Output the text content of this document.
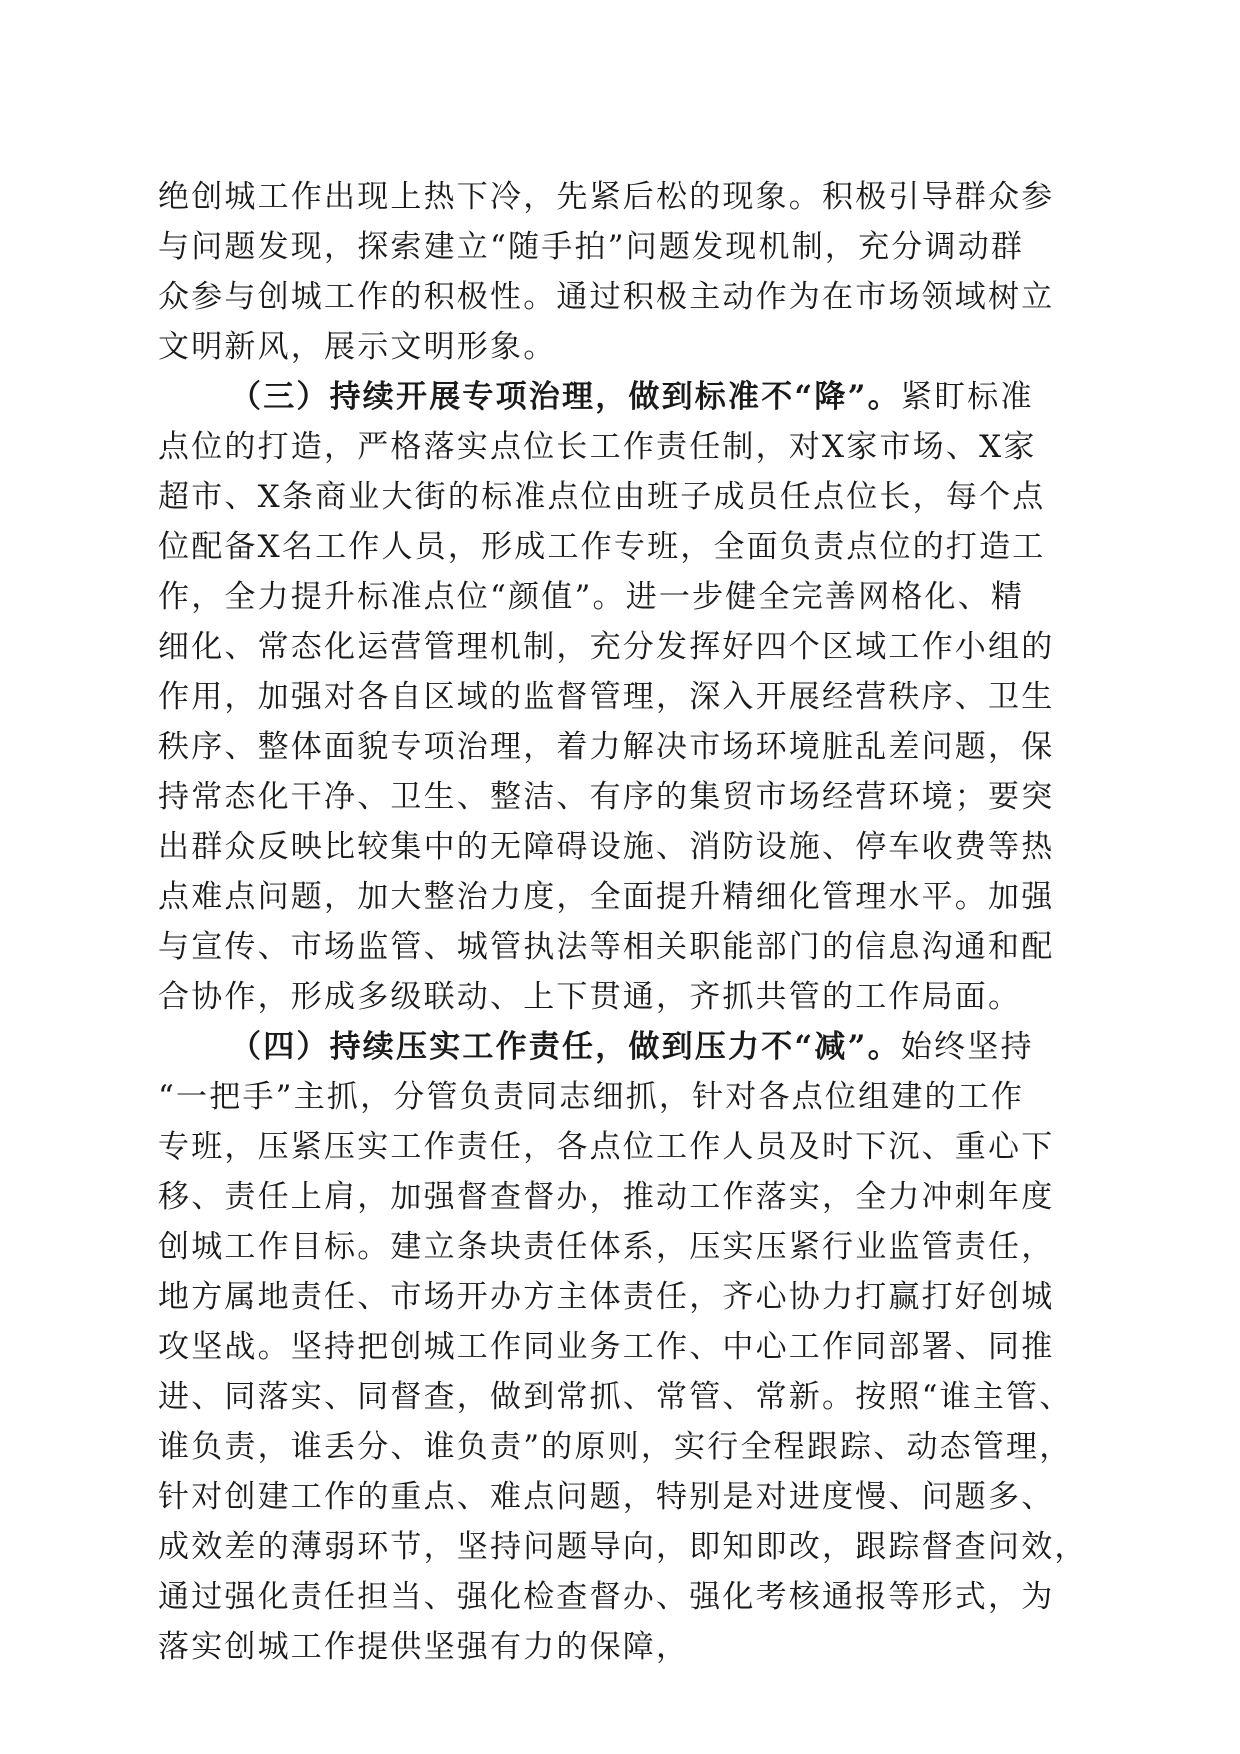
绝创城工作出现上热下冷，先紧后松的现象。积极引导群众参
与问题发现，探索建立“随手拍”问题发现机制，充分调动群
众参与创城工作的积极性。通过积极主动作为在市场领域树立
文明新风，展示文明形象。
（三）持续开展专项治理，做到标准不“降”。紧盯标准
点位的打造，严格落实点位长工作责任制，对X家市场、X家
超市、X条商业大街的标准点位由班子成员任点位长，每个点
位配备X名工作人员，形成工作专班，全面负责点位的打造工
作，全力提升标准点位“颜值”。进一步健全完善网格化、精
细化、常态化运营管理机制，充分发挥好四个区域工作小组的
作用，加强对各自区域的监督管理，深入开展经营秩序、卫生
秩序、整体面貌专项治理，着力解决市场环境脏乱差问题，保
持常态化干净、卫生、整洁、有序的集贸市场经营环境；要突
出群众反映比较集中的无障碍设施、消防设施、停车收费等热
点难点问题，加大整治力度，全面提升精细化管理水平。加强
与宣传、市场监管、城管执法等相关职能部门的信息沟通和配
合协作，形成多级联动、上下贯通，齐抓共管的工作局面。
（四）持续压实工作责任，做到压力不“减”。始终坚持
“一把手”主抓，分管负责同志细抓，针对各点位组建的工作
专班，压紧压实工作责任，各点位工作人员及时下沉、重心下
移、责任上肩，加强督查督办，推动工作落实，全力冲刺年度
创城工作目标。建立条块责任体系，压实压紧行业监管责任，
地方属地责任、市场开办方主体责任，齐心协力打赢打好创城
攻坚战。坚持把创城工作同业务工作、中心工作同部署、同推
进、同落实、同督查，做到常抓、常管、常新。按照“谁主管、
谁负责，谁丢分、谁负责”的原则，实行全程跟踪、动态管理，
针对创建工作的重点、难点问题，特别是对进度慢、问题多、
成效差的薄弱环节，坚持问题导向，即知即改，跟踪督查问效，
通过强化责任担当、强化检查督办、强化考核通报等形式，为
落实创城工作提供坚强有力的保障，
